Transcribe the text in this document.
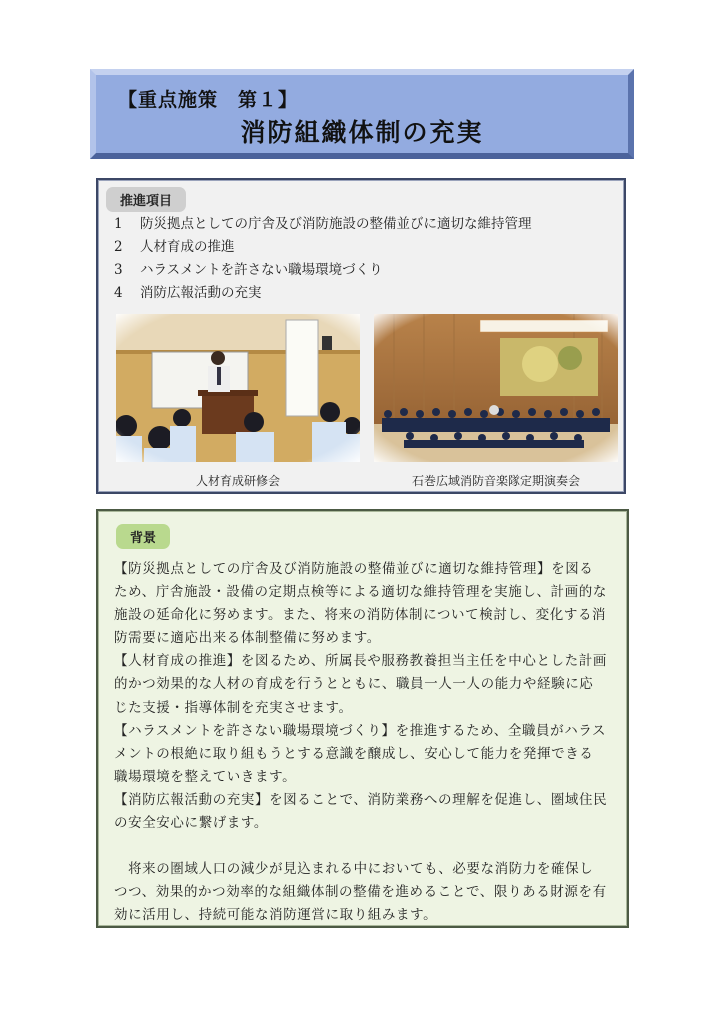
【重点施策　第１】
消防組織体制の充実
推進項目
1 防災拠点としての庁舎及び消防施設の整備並びに適切な維持管理
2 人材育成の推進
3 ハラスメントを許さない職場環境づくり
4 消防広報活動の充実
人材育成研修会	石巻広域消防音楽隊定期演奏会
背景

【防災拠点としての庁舎及び消防施設の整備並びに適切な維持管理】を図る

ため、庁舎施設・設備の定期点検等による適切な維持管理を実施し、計画的な

施設の延命化に努めます。また、将来の消防体制について検討し、変化する消

防需要に適応出来る体制整備に努めます。

【人材育成の推進】を図るため、所属長や服務教養担当主任を中心とした計画

的かつ効果的な人材の育成を行うとともに、職員一人一人の能力や経験に応

じた支援・指導体制を充実させます。

【ハラスメントを許さない職場環境づくり】を推進するため、全職員がハラス

メントの根絶に取り組もうとする意識を醸成し、安心して能力を発揮できる

職場環境を整えていきます。

【消防広報活動の充実】を図ることで、消防業務への理解を促進し、圏域住民

の安全安心に繋げます。

将来の圏域人口の減少が見込まれる中においても、必要な消防力を確保し

つつ、効果的かつ効率的な組織体制の整備を進めることで、限りある財源を有

効に活用し、持続可能な消防運営に取り組みます。
